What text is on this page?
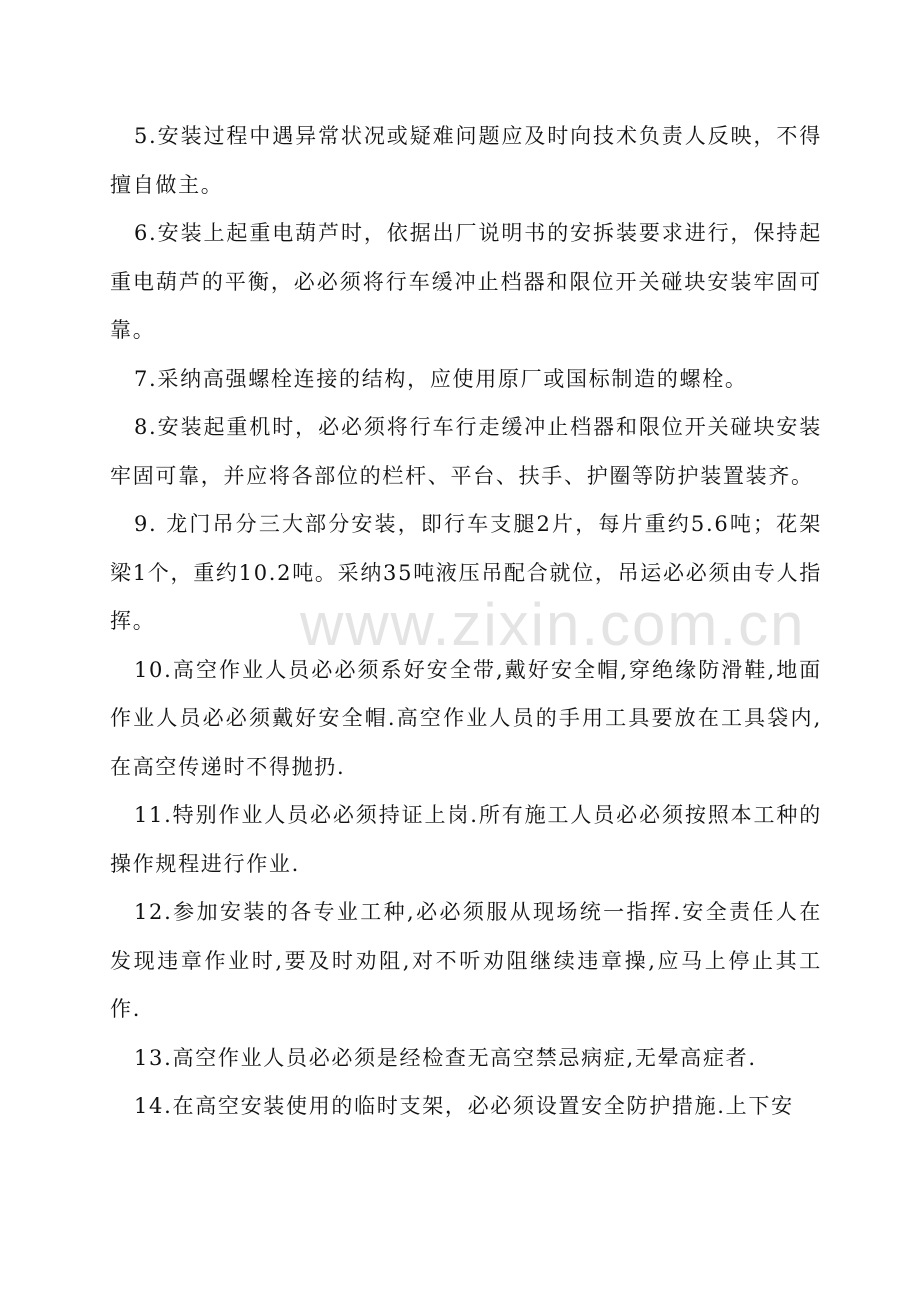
www.zixin.com.cn

5.安装过程中遇异常状况或疑难问题应及时向技术负责人反映，不得擅自做主。

6.安装上起重电葫芦时，依据出厂说明书的安拆装要求进行，保持起重电葫芦的平衡，必必须将行车缓冲止档器和限位开关碰块安装牢固可靠。

7.采纳高强螺栓连接的结构，应使用原厂或国标制造的螺栓。

8.安装起重机时，必必须将行车行走缓冲止档器和限位开关碰块安装牢固可靠，并应将各部位的栏杆、平台、扶手、护圈等防护装置装齐。

9. 龙门吊分三大部分安装，即行车支腿2片，每片重约5.6吨；花架梁1个，重约10.2吨。采纳35吨液压吊配合就位，吊运必必须由专人指挥。

10.高空作业人员必必须系好安全带,戴好安全帽,穿绝缘防滑鞋,地面作业人员必必须戴好安全帽.高空作业人员的手用工具要放在工具袋内,在高空传递时不得抛扔.

11.特别作业人员必必须持证上岗.所有施工人员必必须按照本工种的操作规程进行作业.

12.参加安装的各专业工种,必必须服从现场统一指挥.安全责任人在发现违章作业时,要及时劝阻,对不听劝阻继续违章操,应马上停止其工作.

13.高空作业人员必必须是经检查无高空禁忌病症,无晕高症者.

14.在高空安装使用的临时支架，必必须设置安全防护措施.上下安
